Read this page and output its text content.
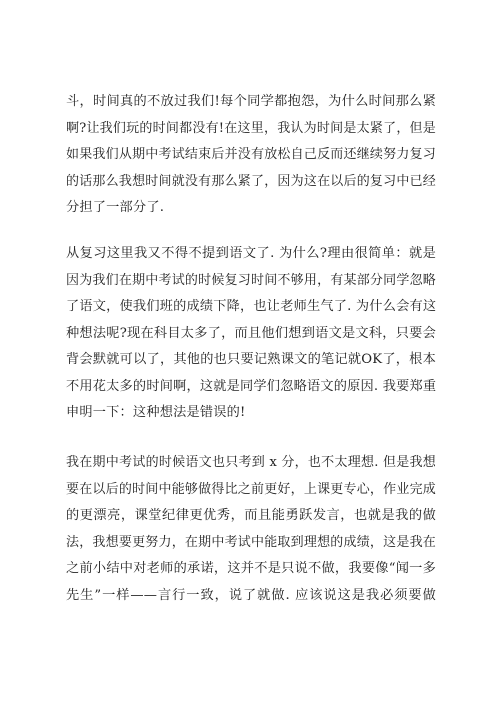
斗，时间真的不放过我们!每个同学都抱怨，为什么时间那么紧
啊?让我们玩的时间都没有!在这里，我认为时间是太紧了，但是
如果我们从期中考试结束后并没有放松自己反而还继续努力复习
的话那么我想时间就没有那么紧了，因为这在以后的复习中已经
分担了一部分了.
从复习这里我又不得不提到语文了. 为什么?理由很简单：就是
因为我们在期中考试的时候复习时间不够用，有某部分同学忽略
了语文，使我们班的成绩下降，也让老师生气了. 为什么会有这
种想法呢?现在科目太多了，而且他们想到语文是文科，只要会
背会默就可以了，其他的也只要记熟课文的笔记就OK了，根本
不用花太多的时间啊，这就是同学们忽略语文的原因. 我要郑重
申明一下：这种想法是错误的!
我在期中考试的时候语文也只考到 x 分，也不太理想. 但是我想
要在以后的时间中能够做得比之前更好，上课更专心，作业完成
的更漂亮，课堂纪律更优秀，而且能勇跃发言，也就是我的做
法，我想要更努力，在期中考试中能取到理想的成绩，这是我在
之前小结中对老师的承诺，这并不是只说不做，我要像“闻一多
先生”一样——言行一致，说了就做. 应该说这是我必须要做
